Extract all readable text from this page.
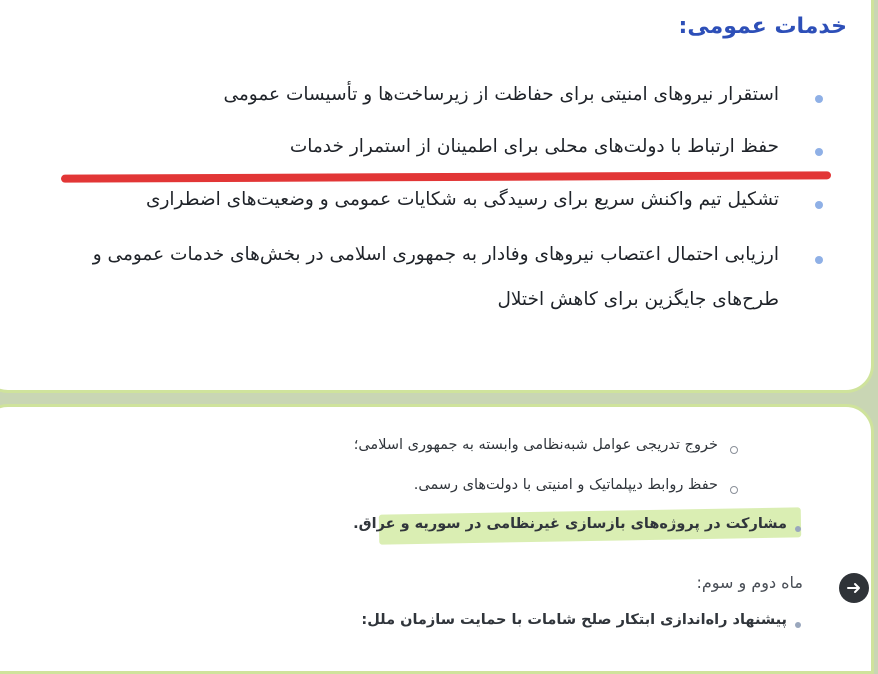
خدمات عمومی:

استقرار نیروهای امنیتی برای حفاظت از زیرساخت‌ها و تأسیسات عمومی

حفظ ارتباط با دولت‌های محلی برای اطمینان از استمرار خدمات

تشکیل تیم واکنش سریع برای رسیدگی به شکایات عمومی و وضعیت‌های اضطراری

ارزیابی احتمال اعتصاب نیروهای وفادار به جمهوری اسلامی در بخش‌های خدمات عمومی و

طرح‌های جایگزین برای کاهش اختلال

خروج تدریجی عوامل شبه‌نظامی وابسته به جمهوری اسلامی؛

حفظ روابط دیپلماتیک و امنیتی با دولت‌های رسمی.

مشارکت در پروژه‌های بازسازی غیرنظامی در سوریه و عراق.

ماه دوم و سوم:

پیشنهاد راه‌اندازی ابتکار صلح شامات با حمایت سازمان ملل:
